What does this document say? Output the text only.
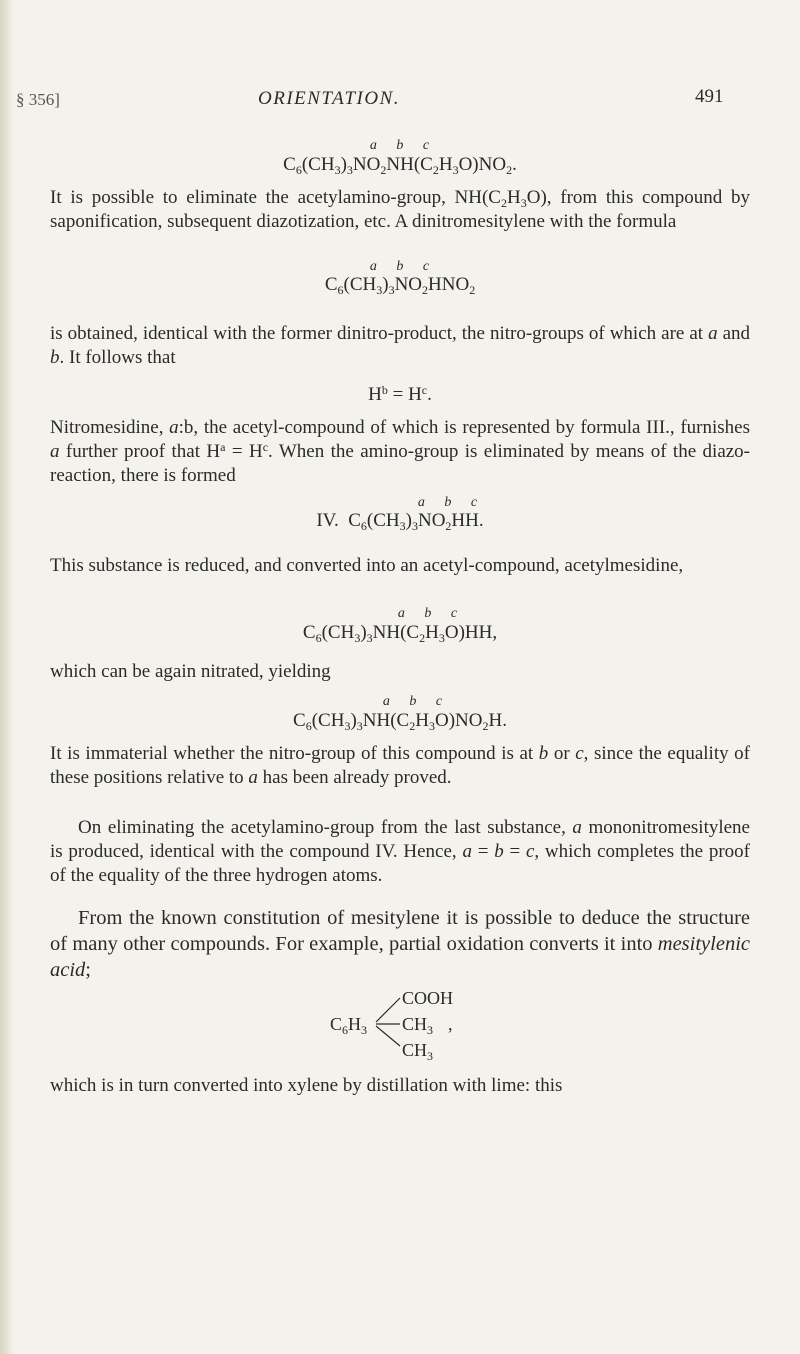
§ 356]	ORIENTATION.	491
a b c
$C_6(CH_3)_3NO_2NH(C_2H_3O)NO_2$.

It is possible to eliminate the acetylamino-group, $NH(C_2H_3O)$, from this compound by saponification, subsequent diazotization, etc. A dinitromesitylene with the formula

a b c
$C_6(CH_3)_3NO_2HNO_2$

is obtained, identical with the former dinitro-product, the nitro-groups of which are at a and b. It follows that

$H^b = H^c$.

Nitromesidine, a:b, the acetyl-compound of which is represented by formula III., furnishes a further proof that $H^a = H^c$. When the amino-group is eliminated by means of the diazo-reaction, there is formed

a b c
IV. $C_6(CH_3)_3NO_2HH$.

This substance is reduced, and converted into an acetyl-compound, acetylmesidine,

a b c
$C_6(CH_3)_3NH(C_2H_3O)HH$,

which can be again nitrated, yielding

a b c
$C_6(CH_3)_3NH(C_2H_3O)NO_2H$.

It is immaterial whether the nitro-group of this compound is at b or c, since the equality of these positions relative to a has been already proved.

On eliminating the acetylamino-group from the last substance, a mononitromesitylene is produced, identical with the compound IV. Hence, a = b = c, which completes the proof of the equality of the three hydrogen atoms.

From the known constitution of mesitylene it is possible to deduce the structure of many other compounds. For example, partial oxidation converts it into mesitylenic acid;

$C_6H_3$
COOH
$CH_3$ ,
$CH_3$

which is in turn converted into xylene by distillation with lime: this
